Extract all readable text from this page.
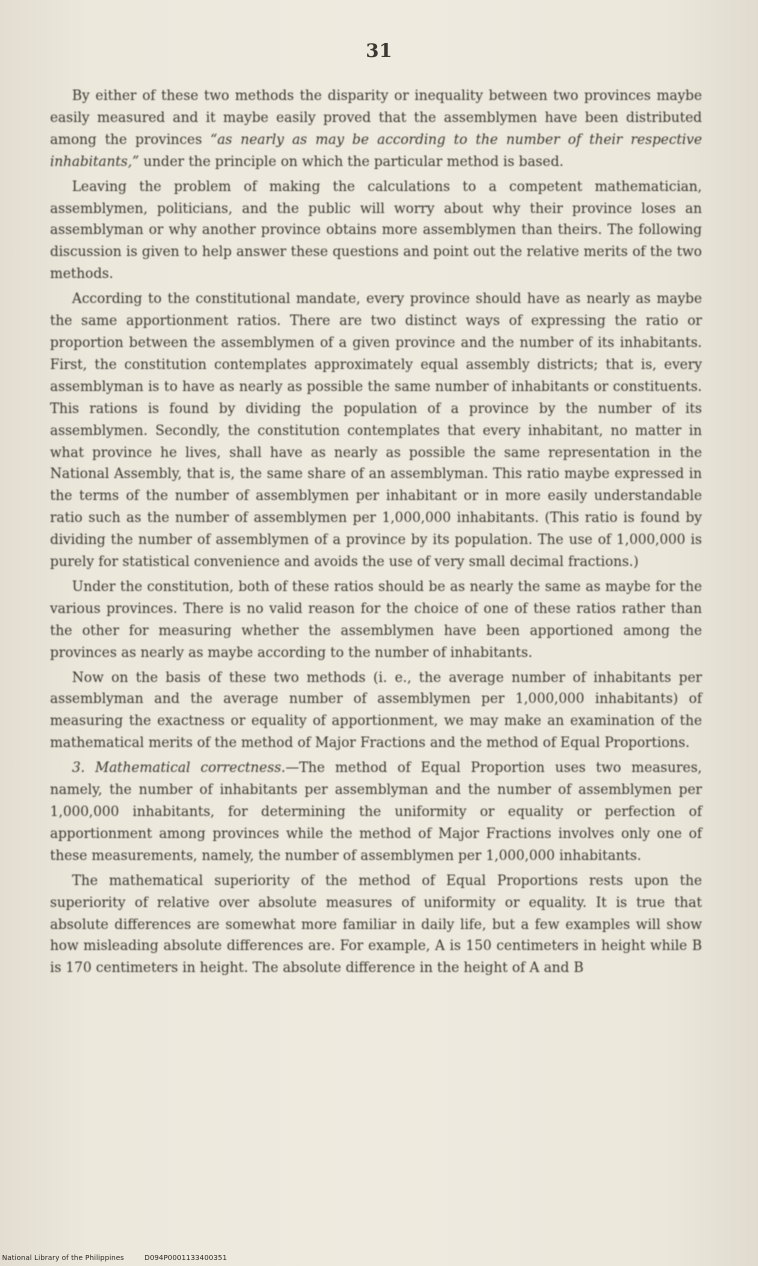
31

By either of these two methods the disparity or inequality between two provinces maybe easily measured and it maybe easily proved that the assemblymen have been distributed among the provinces “as nearly as may be according to the number of their respective inhabitants,” under the principle on which the particular method is based.

Leaving the problem of making the calculations to a competent mathematician, assemblymen, politicians, and the public will worry about why their province loses an assemblyman or why another province obtains more assemblymen than theirs. The following discussion is given to help answer these questions and point out the relative merits of the two methods.

According to the constitutional mandate, every province should have as nearly as maybe the same apportionment ratios. There are two distinct ways of expressing the ratio or proportion between the assemblymen of a given province and the number of its inhabitants. First, the constitution contemplates approximately equal assembly districts; that is, every assemblyman is to have as nearly as possible the same number of inhabitants or constituents. This rations is found by dividing the population of a province by the number of its assemblymen. Secondly, the constitution contemplates that every inhabitant, no matter in what province he lives, shall have as nearly as possible the same representation in the National Assembly, that is, the same share of an assemblyman. This ratio maybe expressed in the terms of the number of assemblymen per inhabitant or in more easily understandable ratio such as the number of assemblymen per 1,000,000 inhabitants. (This ratio is found by dividing the number of assemblymen of a province by its population. The use of 1,000,000 is purely for statistical convenience and avoids the use of very small decimal fractions.)

Under the constitution, both of these ratios should be as nearly the same as maybe for the various provinces. There is no valid reason for the choice of one of these ratios rather than the other for measuring whether the assemblymen have been apportioned among the provinces as nearly as maybe according to the number of inhabitants.

Now on the basis of these two methods (i. e., the average number of inhabitants per assemblyman and the average number of assemblymen per 1,000,000 inhabitants) of measuring the exactness or equality of apportionment, we may make an examination of the mathematical merits of the method of Major Fractions and the method of Equal Proportions.

3. Mathematical correctness.—The method of Equal Proportion uses two measures, namely, the number of inhabitants per assemblyman and the number of assemblymen per 1,000,000 inhabitants, for determining the uniformity or equality or perfection of apportionment among provinces while the method of Major Fractions involves only one of these measurements, namely, the number of assemblymen per 1,000,000 inhabitants.

The mathematical superiority of the method of Equal Proportions rests upon the superiority of relative over absolute measures of uniformity or equality. It is true that absolute differences are somewhat more familiar in daily life, but a few examples will show how misleading absolute differences are. For example, A is 150 centimeters in height while B is 170 centimeters in height. The absolute difference in the height of A and B

National Library of the Philippines	D094P0001133400351
